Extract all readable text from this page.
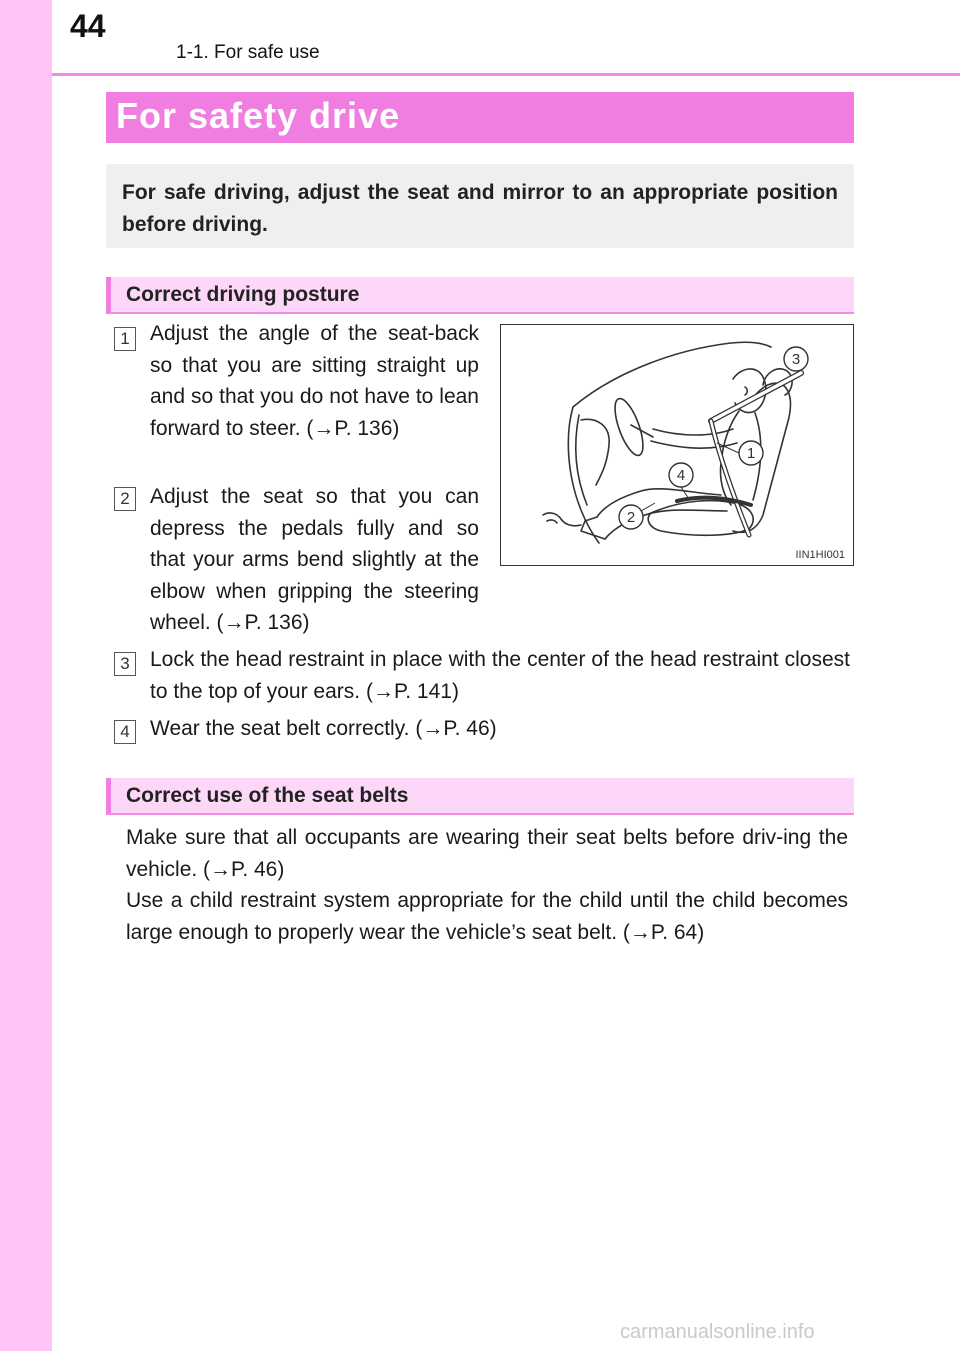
44
1-1. For safe use
For safety drive

For safe driving, adjust the seat and mirror to an appropriate position before driving.

Correct driving posture
1 Adjust the angle of the seat-back so that you are sitting straight up and so that you do not have to lean forward to steer. (→P. 136)

2 Adjust the seat so that you can depress the pedals fully and so that your arms bend slightly at the elbow when gripping the steering wheel. (→P. 136)

3 Lock the head restraint in place with the center of the head restraint closest to the top of your ears. (→P. 141)

4 Wear the seat belt correctly. (→P. 46)

3
1
4
2
IIN1HI001
Correct use of the seat belts

Make sure that all occupants are wearing their seat belts before driv-ing the vehicle. (→P. 46)

Use a child restraint system appropriate for the child until the child becomes large enough to properly wear the vehicle’s seat belt. (→P. 64)

carmanualsonline.info
